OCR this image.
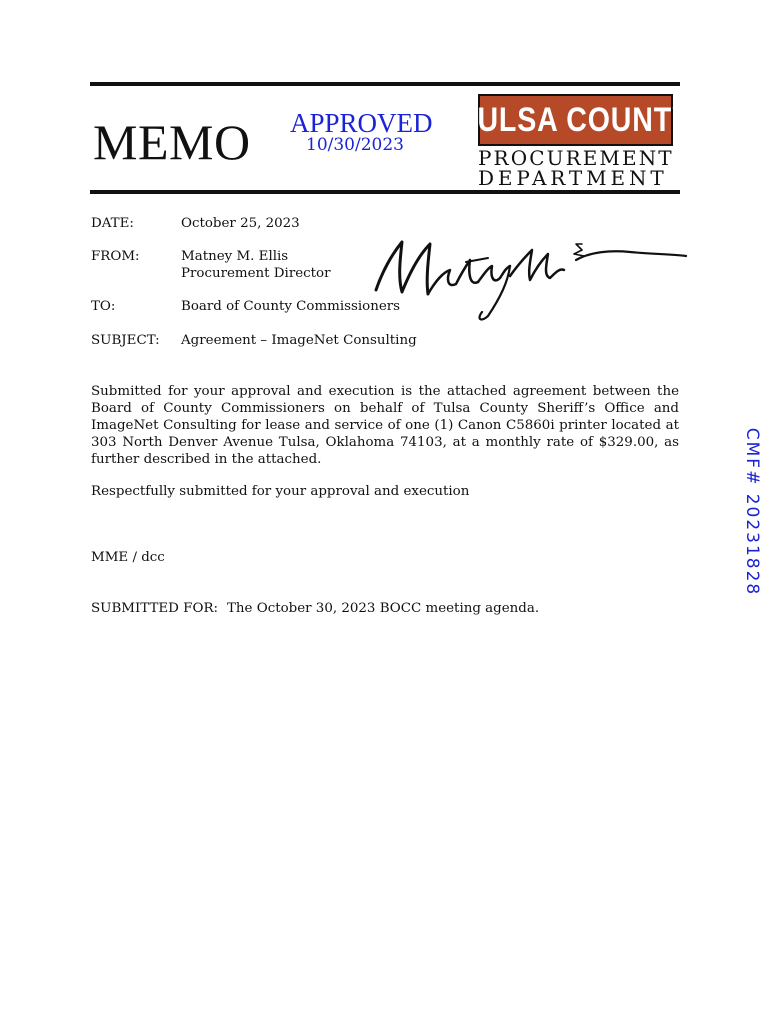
MEMO APPROVED
10/30/2023
TULSA COUNTY
PROCUREMENT
DEPARTMENT
DATE:	October 25, 2023
FROM:	Matney M. Ellis
Procurement Director
TO:	Board of County Commissioners
SUBJECT: Agreement – ImageNet Consulting
Submitted for your approval and execution is the attached agreement between the Board of County Commissioners on behalf of Tulsa County Sheriff’s Office and ImageNet Consulting for lease and service of one (1) Canon C5860i printer located at 303 North Denver Avenue Tulsa, Oklahoma 74103, at a monthly rate of $329.00, as further described in the attached.
Respectfully submitted for your approval and execution
MME / dcc
SUBMITTED FOR: The October 30, 2023 BOCC meeting agenda.
CMF# 20231828
